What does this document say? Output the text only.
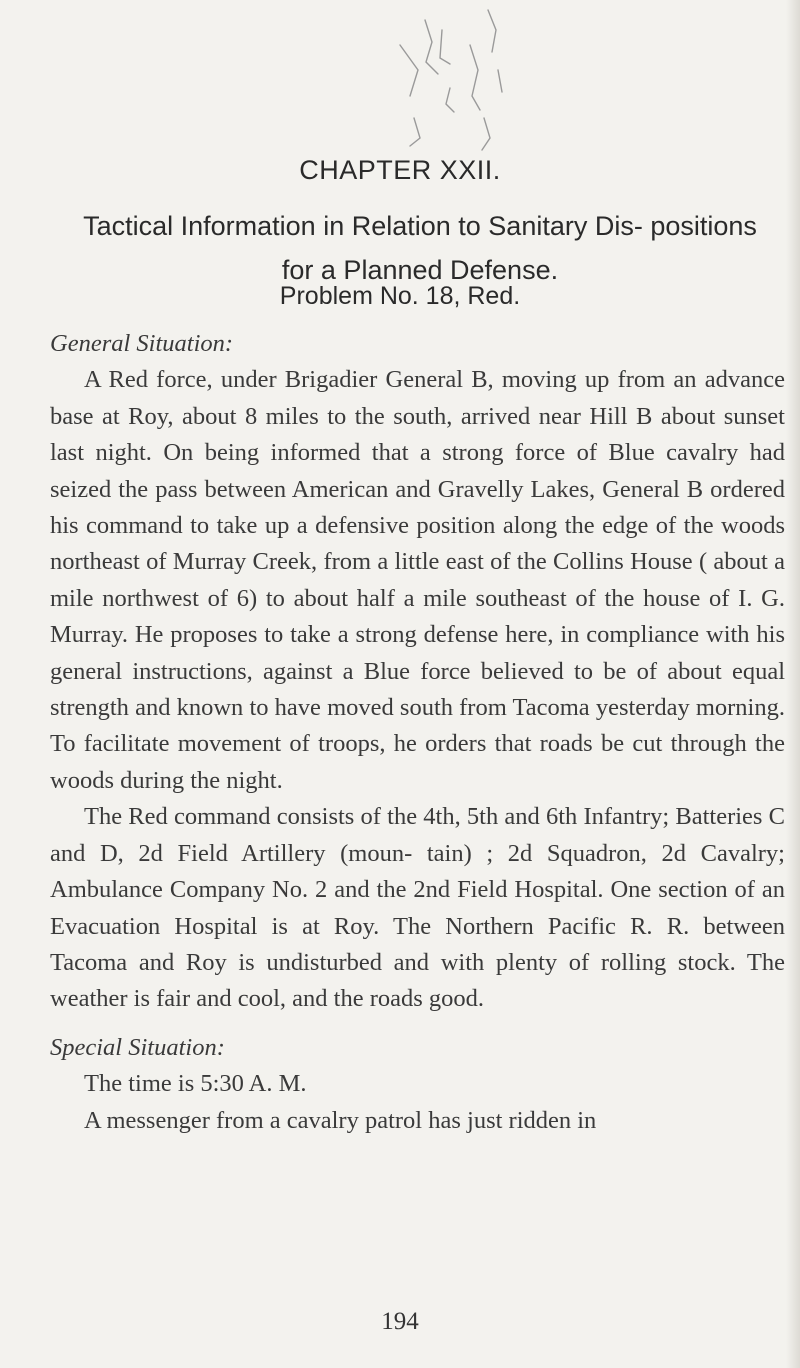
CHAPTER XXII.
Tactical Information in Relation to Sanitary Dis- positions for a Planned Defense.
Problem No. 18, Red.

General Situation:

A Red force, under Brigadier General B, moving up from an advance base at Roy, about 8 miles to the south, arrived near Hill B about sunset last night. On being informed that a strong force of Blue cavalry had seized the pass between American and Gravelly Lakes, General B ordered his command to take up a defensive position along the edge of the woods northeast of Murray Creek, from a little east of the Collins House ( about a mile northwest of 6) to about half a mile southeast of the house of I. G. Murray. He proposes to take a strong defense here, in compliance with his general instructions, against a Blue force believed to be of about equal strength and known to have moved south from Tacoma yesterday morning. To facilitate movement of troops, he orders that roads be cut through the woods during the night.

The Red command consists of the 4th, 5th and 6th Infantry; Batteries C and D, 2d Field Artillery (moun- tain) ; 2d Squadron, 2d Cavalry; Ambulance Company No. 2 and the 2nd Field Hospital. One section of an Evacuation Hospital is at Roy. The Northern Pacific R. R. between Tacoma and Roy is undisturbed and with plenty of rolling stock. The weather is fair and cool, and the roads good.

Special Situation:

The time is 5:30 A. M.

A messenger from a cavalry patrol has just ridden in

194
